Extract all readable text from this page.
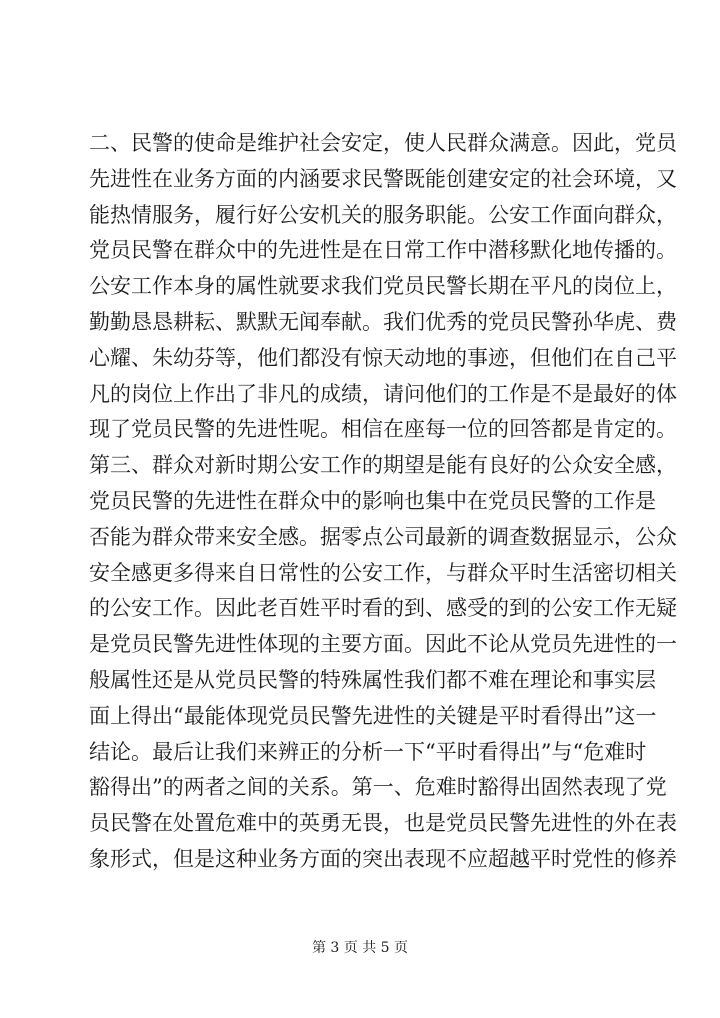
二、民警的使命是维护社会安定，使人民群众满意。因此，党员
先进性在业务方面的内涵要求民警既能创建安定的社会环境，又
能热情服务，履行好公安机关的服务职能。公安工作面向群众，
党员民警在群众中的先进性是在日常工作中潜移默化地传播的。
公安工作本身的属性就要求我们党员民警长期在平凡的岗位上，
勤勤恳恳耕耘、默默无闻奉献。我们优秀的党员民警孙华虎、费
心耀、朱幼芬等，他们都没有惊天动地的事迹，但他们在自己平
凡的岗位上作出了非凡的成绩，请问他们的工作是不是最好的体
现了党员民警的先进性呢。相信在座每一位的回答都是肯定的。
第三、群众对新时期公安工作的期望是能有良好的公众安全感，
党员民警的先进性在群众中的影响也集中在党员民警的工作是
否能为群众带来安全感。据零点公司最新的调查数据显示，公众
安全感更多得来自日常性的公安工作，与群众平时生活密切相关
的公安工作。因此老百姓平时看的到、感受的到的公安工作无疑
是党员民警先进性体现的主要方面。因此不论从党员先进性的一
般属性还是从党员民警的特殊属性我们都不难在理论和事实层
面上得出“最能体现党员民警先进性的关键是平时看得出”这一
结论。最后让我们来辨正的分析一下“平时看得出”与“危难时
豁得出”的两者之间的关系。第一、危难时豁得出固然表现了党
员民警在处置危难中的英勇无畏，也是党员民警先进性的外在表
象形式，但是这种业务方面的突出表现不应超越平时党性的修养
第 3 页 共 5 页
